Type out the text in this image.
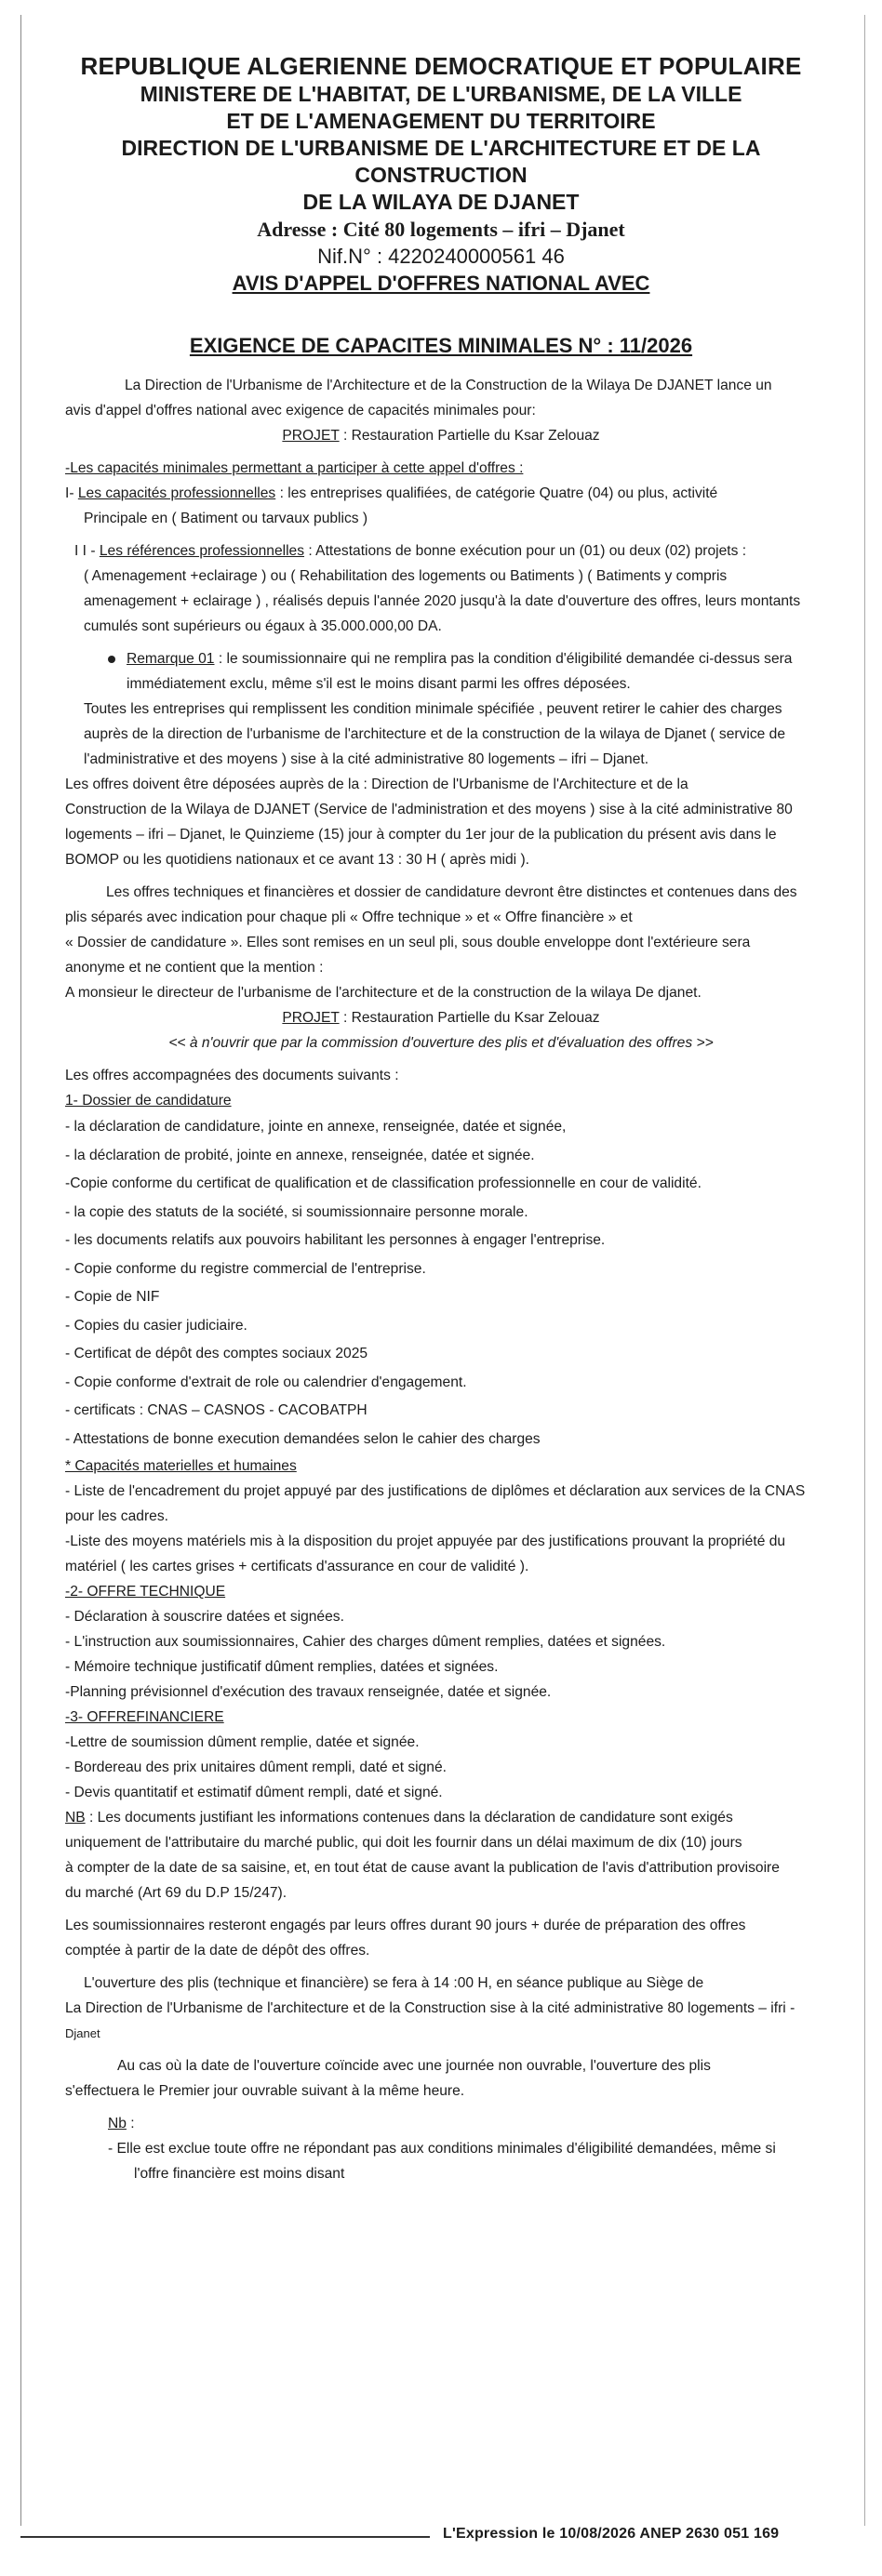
REPUBLIQUE ALGERIENNE DEMOCRATIQUE ET POPULAIRE
MINISTERE DE L'HABITAT, DE L'URBANISME, DE LA VILLE
ET DE L'AMENAGEMENT DU TERRITOIRE
DIRECTION DE L'URBANISME DE L'ARCHITECTURE ET DE LA CONSTRUCTION
DE LA WILAYA DE DJANET
Adresse : Cité 80 logements – ifri – Djanet
Nif.N° : 4220240000561 46
AVIS D'APPEL D'OFFRES NATIONAL AVEC
EXIGENCE DE CAPACITES MINIMALES N° : 11/2026

La Direction de l'Urbanisme de l'Architecture et de la Construction de la Wilaya De DJANET lance un

avis d'appel d'offres national avec exigence de capacités minimales pour:

PROJET : Restauration Partielle du Ksar Zelouaz

-Les capacités minimales permettant a participer à cette appel d'offres :

I- Les capacités professionnelles : les entreprises qualifiées, de catégorie Quatre (04) ou plus, activité

Principale en ( Batiment ou tarvaux publics )

I I - Les références professionnelles : Attestations de bonne exécution pour un (01) ou deux (02) projets :

( Amenagement +eclairage ) ou ( Rehabilitation des logements ou Batiments ) ( Batiments y compris

amenagement + eclairage ) , réalisés depuis l'année 2020 jusqu'à la date d'ouverture des offres, leurs montants

cumulés sont supérieurs ou égaux à 35.000.000,00 DA.

Remarque 01 : le soumissionnaire qui ne remplira pas la condition d'éligibilité demandée ci-dessus sera

immédiatement exclu, même s'il est le moins disant parmi les offres déposées.

Toutes les entreprises qui remplissent les condition minimale spécifiée , peuvent retirer le cahier des charges

auprès de la direction de l'urbanisme de l'architecture et de la construction de la wilaya de Djanet ( service de

l'administrative et des moyens ) sise à la cité administrative 80 logements – ifri – Djanet.

Les offres doivent être déposées auprès de la : Direction de l'Urbanisme de l'Architecture et de la

Construction de la Wilaya de DJANET (Service de l'administration et des moyens ) sise à la cité administrative 80

logements – ifri – Djanet, le Quinzieme (15) jour à compter du 1er jour de la publication du présent avis dans le

BOMOP ou les quotidiens nationaux et ce avant 13 : 30 H ( après midi ).

Les offres techniques et financières et dossier de candidature devront être distinctes et contenues dans des

plis séparés avec indication pour chaque pli « Offre technique » et « Offre financière » et

« Dossier de candidature ». Elles sont remises en un seul pli, sous double enveloppe dont l'extérieure sera

anonyme et ne contient que la mention :

A monsieur le directeur de l'urbanisme de l'architecture et de la construction de la wilaya De djanet.

PROJET : Restauration Partielle du Ksar Zelouaz

<< à n'ouvrir que par la commission d'ouverture des plis et d'évaluation des offres >>

Les offres accompagnées des documents suivants :

1- Dossier de candidature

- la déclaration de candidature, jointe en annexe, renseignée, datée et signée,

- la déclaration de probité, jointe en annexe, renseignée, datée et signée.

-Copie conforme du certificat de qualification et de classification professionnelle en cour de validité.

- la copie des statuts de la société, si soumissionnaire personne morale.

- les documents relatifs aux pouvoirs habilitant les personnes à engager l'entreprise.

- Copie conforme du registre commercial de l'entreprise.

- Copie de NIF

- Copies du casier judiciaire.

- Certificat de dépôt des comptes sociaux 2025

- Copie conforme d'extrait de role ou calendrier d'engagement.

- certificats : CNAS – CASNOS - CACOBATPH

- Attestations de bonne execution demandées selon le cahier des charges

* Capacités materielles et humaines

- Liste de l'encadrement du projet appuyé par des justifications de diplômes et déclaration aux services de la CNAS

pour les cadres.

-Liste des moyens matériels mis à la disposition du projet appuyée par des justifications prouvant la propriété du

matériel ( les cartes grises + certificats d'assurance en cour de validité ).

-2- OFFRE TECHNIQUE

- Déclaration à souscrire datées et signées.

- L'instruction aux soumissionnaires, Cahier des charges dûment remplies, datées et signées.

- Mémoire technique justificatif dûment remplies, datées et signées.

-Planning prévisionnel d'exécution des travaux renseignée, datée et signée.

-3- OFFREFINANCIERE

-Lettre de soumission dûment remplie, datée et signée.

- Bordereau des prix unitaires dûment rempli, daté et signé.

- Devis quantitatif et estimatif dûment rempli, daté et signé.

NB : Les documents justifiant les informations contenues dans la déclaration de candidature sont exigés

uniquement de l'attributaire du marché public, qui doit les fournir dans un délai maximum de dix (10) jours

à compter de la date de sa saisine, et, en tout état de cause avant la publication de l'avis d'attribution provisoire

du marché (Art 69 du D.P 15/247).

Les soumissionnaires resteront engagés par leurs offres durant 90 jours + durée de préparation des offres

comptée à partir de la date de dépôt des offres.

L'ouverture des plis (technique et financière) se fera à 14 :00 H, en séance publique au Siège de

La Direction de l'Urbanisme de l'architecture et de la Construction sise à la cité administrative 80 logements – ifri -

Djanet

Au cas où la date de l'ouverture coïncide avec une journée non ouvrable, l'ouverture des plis

s'effectuera le Premier jour ouvrable suivant à la même heure.

Nb :

- Elle est exclue toute offre ne répondant pas aux conditions minimales d'éligibilité demandées, même si

l'offre financière est moins disant

L'Expression le 10/08/2026 ANEP 2630 051 169
